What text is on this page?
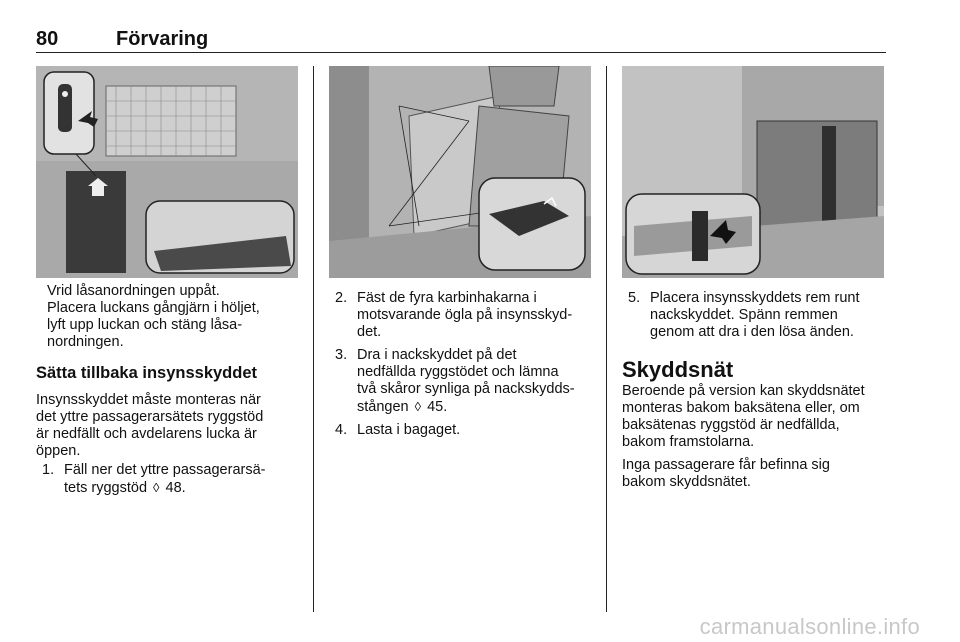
80	Förvaring

Vrid låsanordningen uppåt.

Placera luckans gångjärn i höljet,

lyft upp luckan och stäng låsa-

nordningen.

Sätta tillbaka insynsskyddet

Insynsskyddet måste monteras när

det yttre passagerarsätets ryggstöd

är nedfällt och avdelarens lucka är

öppen.

1. Fäll ner det yttre passagerarsä-

tets ryggstöd ◊ 48.

2. Fäst de fyra karbinhakarna i

motsvarande ögla på insynsskyd-

det.

3. Dra i nackskyddet på det

nedfällda ryggstödet och lämna

två skåror synliga på nackskydds-

stången ◊ 45.

4. Lasta i bagaget.

5. Placera insynsskyddets rem runt

nackskyddet. Spänn remmen

genom att dra i den lösa änden.

Skyddsnät

Beroende på version kan skyddsnätet

monteras bakom baksätena eller, om

baksätenas ryggstöd är nedfällda,

bakom framstolarna.

Inga passagerare får befinna sig

bakom skyddsnätet.

carmanualsonline.info
